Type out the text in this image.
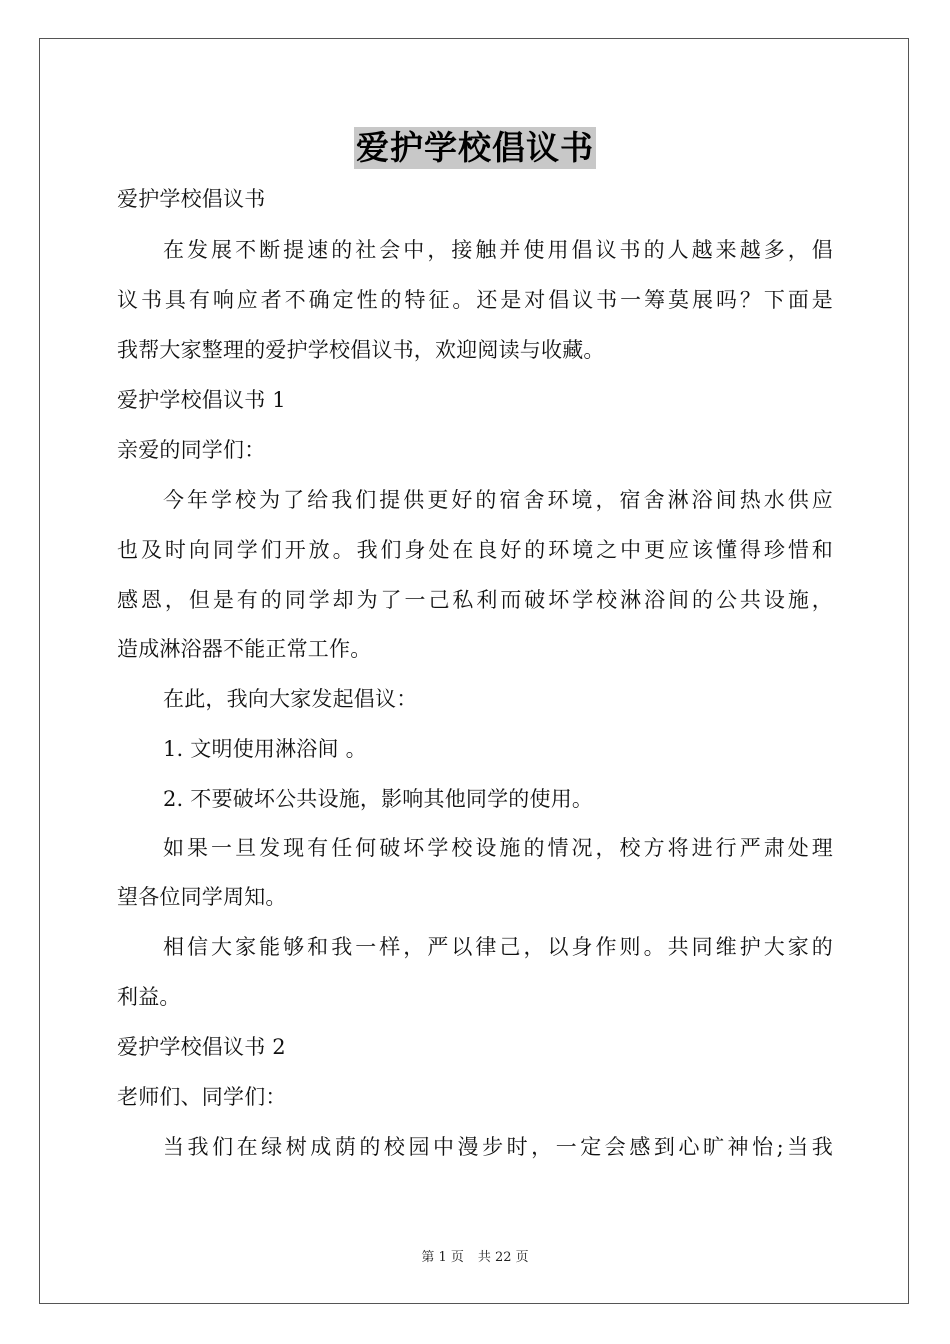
爱护学校倡议书
爱护学校倡议书
在发展不断提速的社会中，接触并使用倡议书的人越来越多，倡
议书具有响应者不确定性的特征。还是对倡议书一筹莫展吗？下面是
我帮大家整理的爱护学校倡议书，欢迎阅读与收藏。
爱护学校倡议书 1
亲爱的同学们：
今年学校为了给我们提供更好的宿舍环境，宿舍淋浴间热水供应
也及时向同学们开放。我们身处在良好的环境之中更应该懂得珍惜和
感恩，但是有的同学却为了一己私利而破坏学校淋浴间的公共设施，
造成淋浴器不能正常工作。
在此，我向大家发起倡议：
1. 文明使用淋浴间 。
2. 不要破坏公共设施，影响其他同学的使用。
如果一旦发现有任何破坏学校设施的情况，校方将进行严肃处理
望各位同学周知。
相信大家能够和我一样，严以律己，以身作则。共同维护大家的
利益。
爱护学校倡议书 2
老师们、同学们：
当我们在绿树成荫的校园中漫步时，一定会感到心旷神怡;当我
第 1 页 共 22 页
